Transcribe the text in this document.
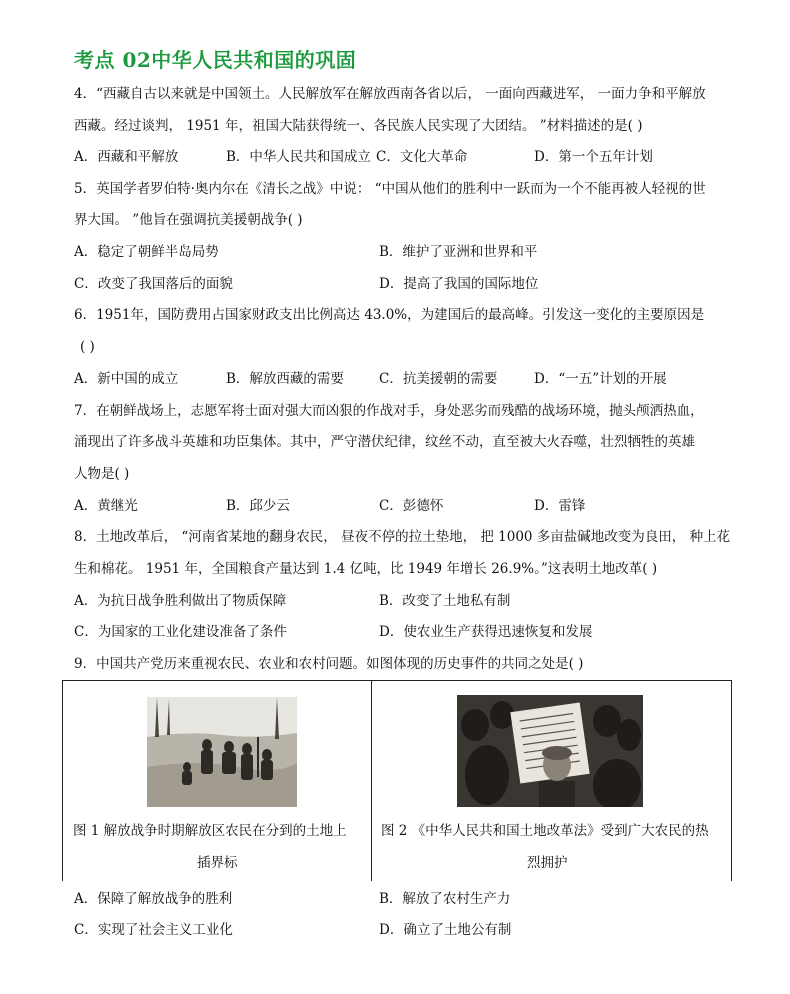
考点 02中华人民共和国的巩固
4．“西藏自古以来就是中国领土。人民解放军在解放西南各省以后， 一面向西藏进军， 一面力争和平解放
西藏。经过谈判， 1951 年，祖国大陆获得统一、各民族人民实现了大团结。 ”材料描述的是( )
A．西藏和平解放	B．中华人民共和国成立 C．文化大革命	D．第一个五年计划
5．英国学者罗伯特·奥内尔在《清长之战》中说： “中国从他们的胜利中一跃而为一个不能再被人轻视的世
界大国。 ”他旨在强调抗美援朝战争( )
A．稳定了朝鲜半岛局势	B．维护了亚洲和世界和平
C．改变了我国落后的面貌	D．提高了我国的国际地位
6．1951年，国防费用占国家财政支出比例高达 43.0%，为建国后的最高峰。引发这一变化的主要原因是
( )
A．新中国的成立	B．解放西藏的需要	C．抗美援朝的需要	D．“一五”计划的开展
7．在朝鲜战场上，志愿军将士面对强大而凶狠的作战对手，身处恶劣而残酷的战场环境，抛头颅洒热血，
涌现出了许多战斗英雄和功臣集体。其中，严守潜伏纪律，纹丝不动，直至被大火吞噬，壮烈牺牲的英雄
人物是( )
A．黄继光	B．邱少云	C．彭德怀	D．雷锋
8．土地改革后， “河南省某地的翻身农民， 昼夜不停的拉土垫地， 把 1000 多亩盐碱地改变为良田， 种上花
生和棉花。 1951 年，全国粮食产量达到 1.4 亿吨，比 1949 年增长 26.9%。”这表明土地改革( )
A．为抗日战争胜利做出了物质保障	B．改变了土地私有制
C．为国家的工业化建设准备了条件	D．使农业生产获得迅速恢复和发展
9．中国共产党历来重视农民、农业和农村问题。如图体现的历史事件的共同之处是( )
图 1 解放战争时期解放区农民在分到的土地上
插界标
图 2 《中华人民共和国土地改革法》受到广大农民的热
烈拥护
A．保障了解放战争的胜利	B．解放了农村生产力
C．实现了社会主义工业化	D．确立了土地公有制
